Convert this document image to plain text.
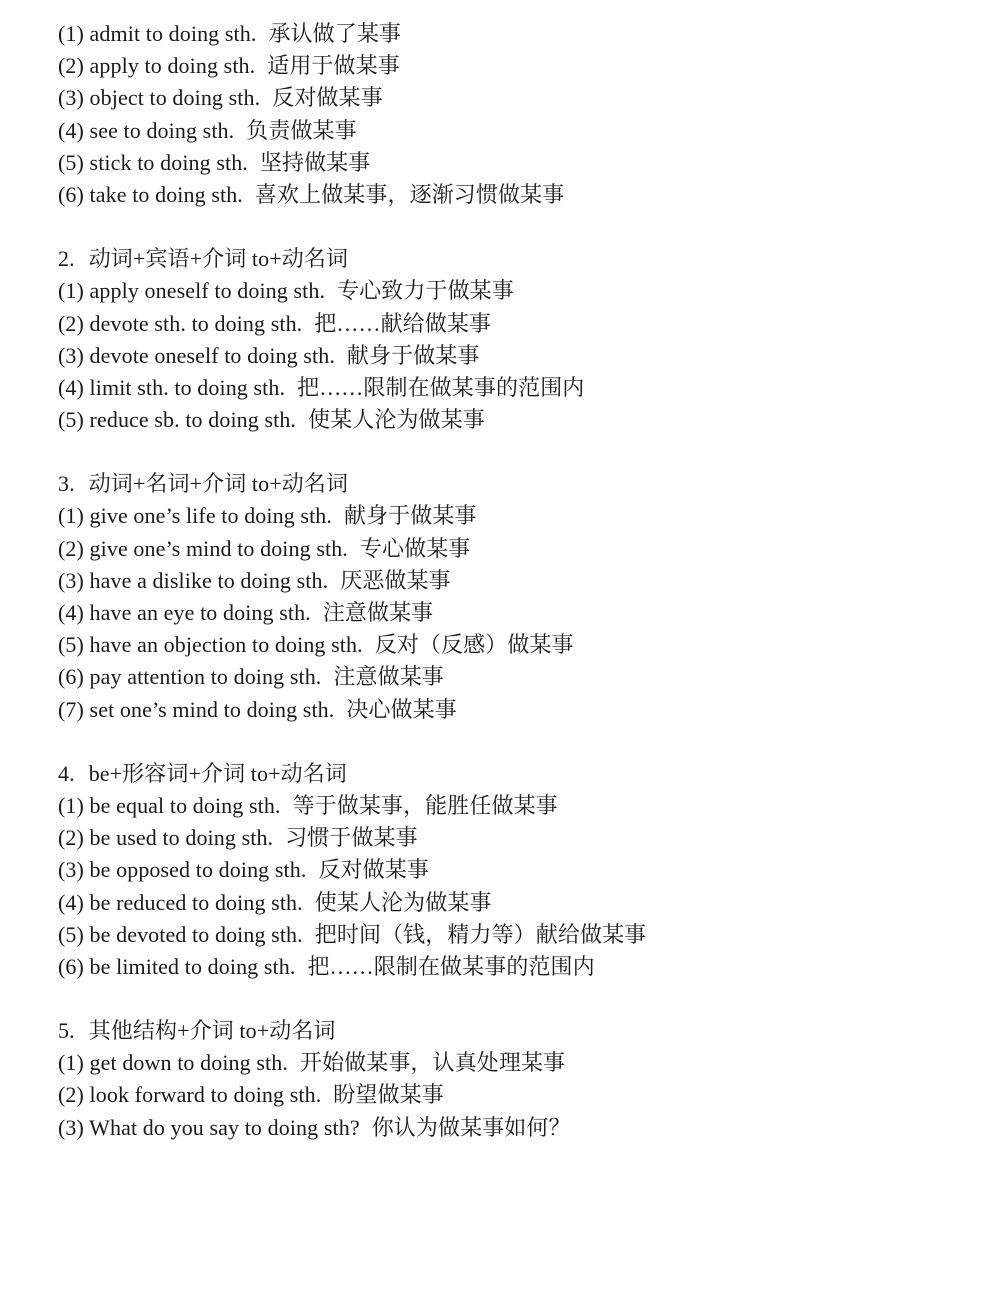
(1) admit to doing sth. 承认做了某事
(2) apply to doing sth. 适用于做某事
(3) object to doing sth. 反对做某事
(4) see to doing sth. 负责做某事
(5) stick to doing sth. 坚持做某事
(6) take to doing sth. 喜欢上做某事，逐渐习惯做某事
2. 动词+宾语+介词 to+动名词
(1) apply oneself to doing sth. 专心致力于做某事
(2) devote sth. to doing sth. 把……献给做某事
(3) devote oneself to doing sth. 献身于做某事
(4) limit sth. to doing sth. 把……限制在做某事的范围内
(5) reduce sb. to doing sth. 使某人沦为做某事
3. 动词+名词+介词 to+动名词
(1) give one’s life to doing sth. 献身于做某事
(2) give one’s mind to doing sth. 专心做某事
(3) have a dislike to doing sth. 厌恶做某事
(4) have an eye to doing sth. 注意做某事
(5) have an objection to doing sth. 反对（反感）做某事
(6) pay attention to doing sth. 注意做某事
(7) set one’s mind to doing sth. 决心做某事
4. be+形容词+介词 to+动名词
(1) be equal to doing sth. 等于做某事，能胜任做某事
(2) be used to doing sth. 习惯于做某事
(3) be opposed to doing sth. 反对做某事
(4) be reduced to doing sth. 使某人沦为做某事
(5) be devoted to doing sth. 把时间（钱，精力等）献给做某事
(6) be limited to doing sth. 把……限制在做某事的范围内
5. 其他结构+介词 to+动名词
(1) get down to doing sth. 开始做某事，认真处理某事
(2) look forward to doing sth. 盼望做某事
(3) What do you say to doing sth? 你认为做某事如何？
